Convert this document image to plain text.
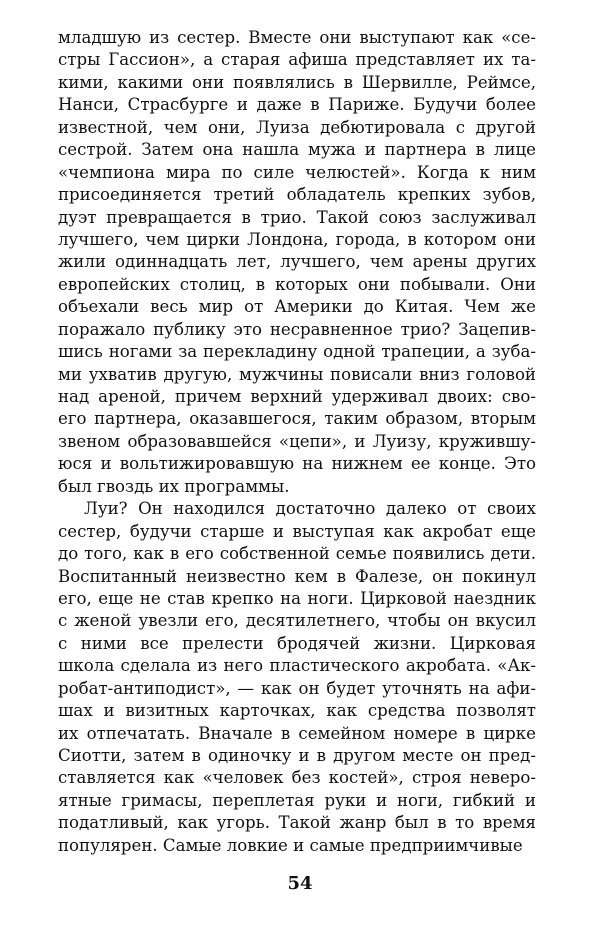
младшую из сестер. Вместе они выступают как «се-
стры Гассион», а старая афиша представляет их та-
кими, какими они появлялись в Шервилле, Реймсе,
Нанси, Страсбурге и даже в Париже. Будучи более
известной, чем они, Луиза дебютировала с другой
сестрой. Затем она нашла мужа и партнера в лице
«чемпиона мира по силе челюстей». Когда к ним
присоединяется третий обладатель крепких зубов,
дуэт превращается в трио. Такой союз заслуживал
лучшего, чем цирки Лондона, города, в котором они
жили одиннадцать лет, лучшего, чем арены других
европейских столиц, в которых они побывали. Они
объехали весь мир от Америки до Китая. Чем же
поражало публику это несравненное трио? Зацепив-
шись ногами за перекладину одной трапеции, а зуба-
ми ухватив другую, мужчины повисали вниз головой
над ареной, причем верхний удерживал двоих: сво-
его партнера, оказавшегося, таким образом, вторым
звеном образовавшейся «цепи», и Луизу, кружившу-
юся и вольтижировавшую на нижнем ее конце. Это
был гвоздь их программы.
Луи? Он находился достаточно далеко от своих
сестер, будучи старше и выступая как акробат еще
до того, как в его собственной семье появились дети.
Воспитанный неизвестно кем в Фалезе, он покинул
его, еще не став крепко на ноги. Цирковой наездник
с женой увезли его, десятилетнего, чтобы он вкусил
с ними все прелести бродячей жизни. Цирковая
школа сделала из него пластического акробата. «Ак-
робат-антиподист», — как он будет уточнять на афи-
шах и визитных карточках, как средства позволят
их отпечатать. Вначале в семейном номере в цирке
Сиотти, затем в одиночку и в другом месте он пред-
ставляется как «человек без костей», строя неверо-
ятные гримасы, переплетая руки и ноги, гибкий и
податливый, как угорь. Такой жанр был в то время
популярен. Самые ловкие и самые предприимчивые
54
